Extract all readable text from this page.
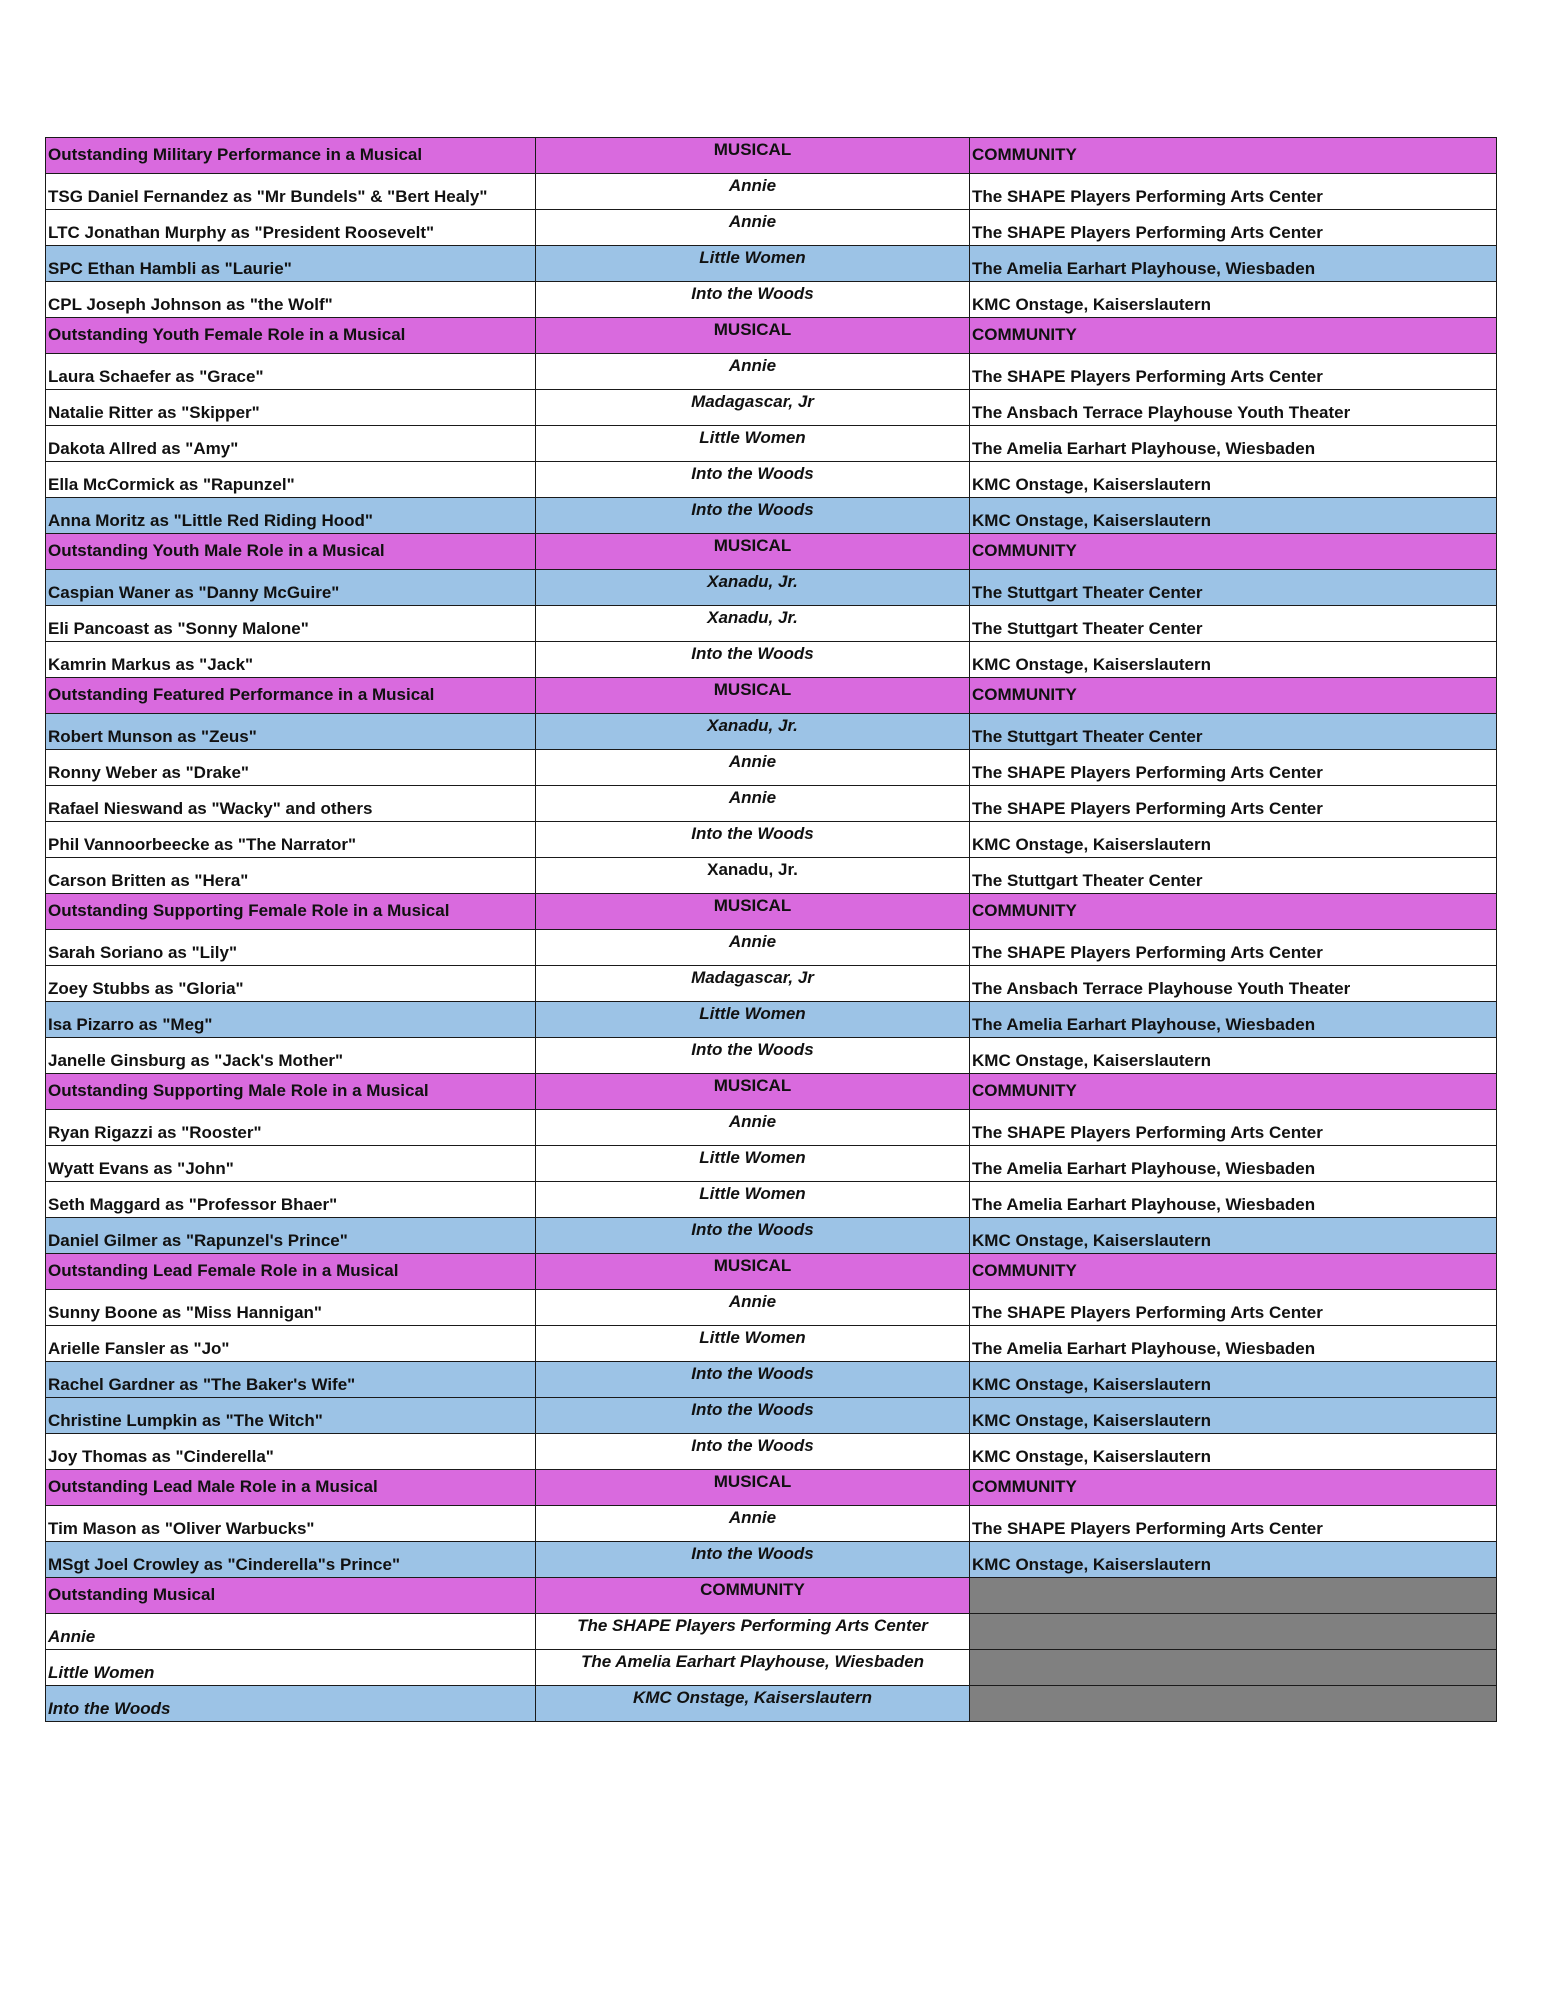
Outstanding Military Performance in a Musical	MUSICAL	COMMUNITY
TSG Daniel Fernandez as "Mr Bundels" & "Bert Healy"	Annie	The SHAPE Players Performing Arts Center
LTC Jonathan Murphy as "President Roosevelt"	Annie	The SHAPE Players Performing Arts Center
SPC Ethan Hambli as "Laurie"	Little Women	The Amelia Earhart Playhouse, Wiesbaden
CPL Joseph Johnson as "the Wolf"	Into the Woods	KMC Onstage, Kaiserslautern
Outstanding Youth Female Role in a Musical	MUSICAL	COMMUNITY
Laura Schaefer as "Grace"	Annie	The SHAPE Players Performing Arts Center
Natalie Ritter as "Skipper"	Madagascar, Jr	The Ansbach Terrace Playhouse Youth Theater
Dakota Allred as "Amy"	Little Women	The Amelia Earhart Playhouse, Wiesbaden
Ella McCormick as "Rapunzel"	Into the Woods	KMC Onstage, Kaiserslautern
Anna Moritz as "Little Red Riding Hood"	Into the Woods	KMC Onstage, Kaiserslautern
Outstanding Youth Male Role in a Musical	MUSICAL	COMMUNITY
Caspian Waner as "Danny McGuire"	Xanadu, Jr.	The Stuttgart Theater Center
Eli Pancoast as "Sonny Malone"	Xanadu, Jr.	The Stuttgart Theater Center
Kamrin Markus as "Jack"	Into the Woods	KMC Onstage, Kaiserslautern
Outstanding Featured Performance in a Musical	MUSICAL	COMMUNITY
Robert Munson as "Zeus"	Xanadu, Jr.	The Stuttgart Theater Center
Ronny Weber as "Drake"	Annie	The SHAPE Players Performing Arts Center
Rafael Nieswand as "Wacky" and others	Annie	The SHAPE Players Performing Arts Center
Phil Vannoorbeecke as "The Narrator"	Into the Woods	KMC Onstage, Kaiserslautern
Carson Britten as "Hera"	Xanadu, Jr.	The Stuttgart Theater Center
Outstanding Supporting Female Role in a Musical	MUSICAL	COMMUNITY
Sarah Soriano as "Lily"	Annie	The SHAPE Players Performing Arts Center
Zoey Stubbs as "Gloria"	Madagascar, Jr	The Ansbach Terrace Playhouse Youth Theater
Isa Pizarro as "Meg"	Little Women	The Amelia Earhart Playhouse, Wiesbaden
Janelle Ginsburg as "Jack's Mother"	Into the Woods	KMC Onstage, Kaiserslautern
Outstanding Supporting Male Role in a Musical	MUSICAL	COMMUNITY
Ryan Rigazzi as "Rooster"	Annie	The SHAPE Players Performing Arts Center
Wyatt Evans as "John"	Little Women	The Amelia Earhart Playhouse, Wiesbaden
Seth Maggard as "Professor Bhaer"	Little Women	The Amelia Earhart Playhouse, Wiesbaden
Daniel Gilmer as "Rapunzel's Prince"	Into the Woods	KMC Onstage, Kaiserslautern
Outstanding Lead Female Role in a Musical	MUSICAL	COMMUNITY
Sunny Boone as "Miss Hannigan"	Annie	The SHAPE Players Performing Arts Center
Arielle Fansler as "Jo"	Little Women	The Amelia Earhart Playhouse, Wiesbaden
Rachel Gardner as "The Baker's Wife"	Into the Woods	KMC Onstage, Kaiserslautern
Christine Lumpkin as "The Witch"	Into the Woods	KMC Onstage, Kaiserslautern
Joy Thomas as "Cinderella"	Into the Woods	KMC Onstage, Kaiserslautern
Outstanding Lead Male Role in a Musical	MUSICAL	COMMUNITY
Tim Mason as "Oliver Warbucks"	Annie	The SHAPE Players Performing Arts Center
MSgt Joel Crowley as "Cinderella"s Prince"	Into the Woods	KMC Onstage, Kaiserslautern
Outstanding Musical	COMMUNITY	
Annie	The SHAPE Players Performing Arts Center	
Little Women	The Amelia Earhart Playhouse, Wiesbaden	
Into the Woods	KMC Onstage, Kaiserslautern	
